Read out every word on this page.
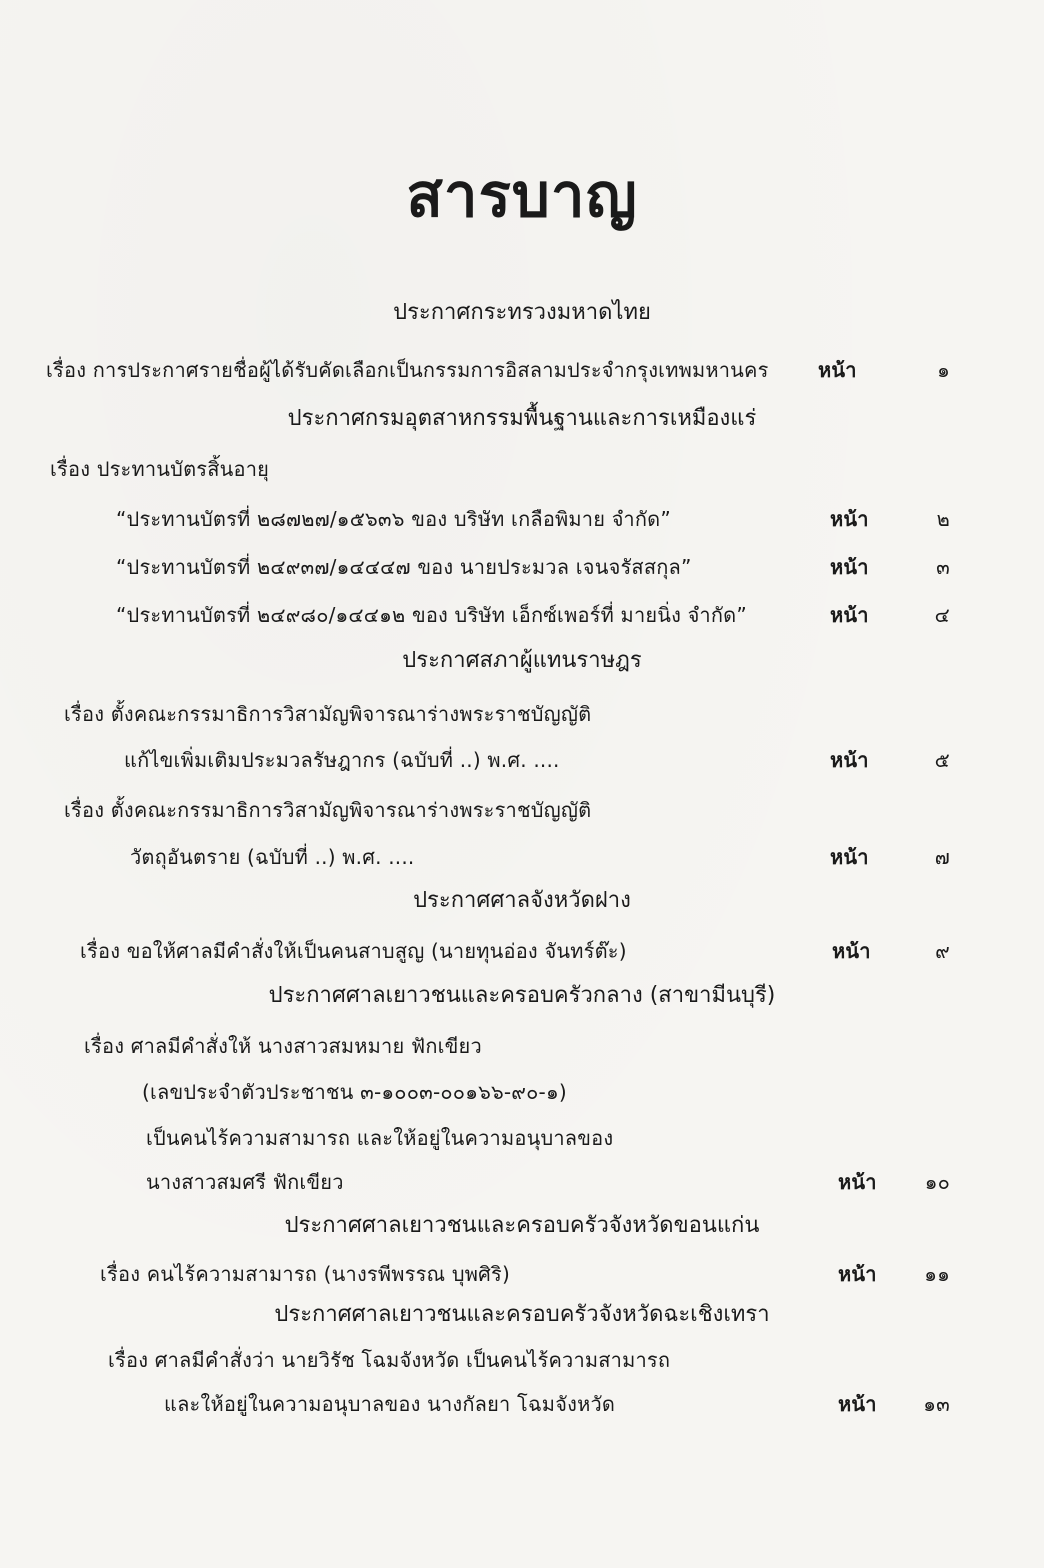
สารบาญ
ประกาศกระทรวงมหาดไทย
เรื่อง การประกาศรายชื่อผู้ได้รับคัดเลือกเป็นกรรมการอิสลามประจำกรุงเทพมหานคร หน้า	๑
ประกาศกรมอุตสาหกรรมพื้นฐานและการเหมืองแร่
เรื่อง ประทานบัตรสิ้นอายุ
“ประทานบัตรที่ ๒๘๗๒๗/๑๕๖๓๖ ของ บริษัท เกลือพิมาย จำกัด”	หน้า	๒
“ประทานบัตรที่ ๒๔๙๓๗/๑๔๔๔๗ ของ นายประมวล เจนจรัสสกุล”	หน้า	๓
“ประทานบัตรที่ ๒๔๙๘๐/๑๔๔๑๒ ของ บริษัท เอ็กซ์เพอร์ที่ มายนิ่ง จำกัด”	หน้า	๔
ประกาศสภาผู้แทนราษฎร
เรื่อง ตั้งคณะกรรมาธิการวิสามัญพิจารณาร่างพระราชบัญญัติ
แก้ไขเพิ่มเติมประมวลรัษฎากร (ฉบับที่ ..) พ.ศ. ....	หน้า	๕
เรื่อง ตั้งคณะกรรมาธิการวิสามัญพิจารณาร่างพระราชบัญญัติ
วัตถุอันตราย (ฉบับที่ ..) พ.ศ. ....	หน้า	๗
ประกาศศาลจังหวัดฝาง
เรื่อง ขอให้ศาลมีคำสั่งให้เป็นคนสาบสูญ (นายทุนอ่อง จันทร์ต๊ะ)	หน้า	๙
ประกาศศาลเยาวชนและครอบครัวกลาง (สาขามีนบุรี)
เรื่อง ศาลมีคำสั่งให้ นางสาวสมหมาย ฟักเขียว
(เลขประจำตัวประชาชน ๓-๑๐๐๓-๐๐๑๖๖-๙๐-๑)
เป็นคนไร้ความสามารถ และให้อยู่ในความอนุบาลของ
นางสาวสมศรี ฟักเขียว	หน้า	๑๐
ประกาศศาลเยาวชนและครอบครัวจังหวัดขอนแก่น
เรื่อง คนไร้ความสามารถ (นางรพีพรรณ บุพศิริ)	หน้า	๑๑
ประกาศศาลเยาวชนและครอบครัวจังหวัดฉะเชิงเทรา
เรื่อง ศาลมีคำสั่งว่า นายวิรัช โฉมจังหวัด เป็นคนไร้ความสามารถ
และให้อยู่ในความอนุบาลของ นางกัลยา โฉมจังหวัด	หน้า	๑๓
